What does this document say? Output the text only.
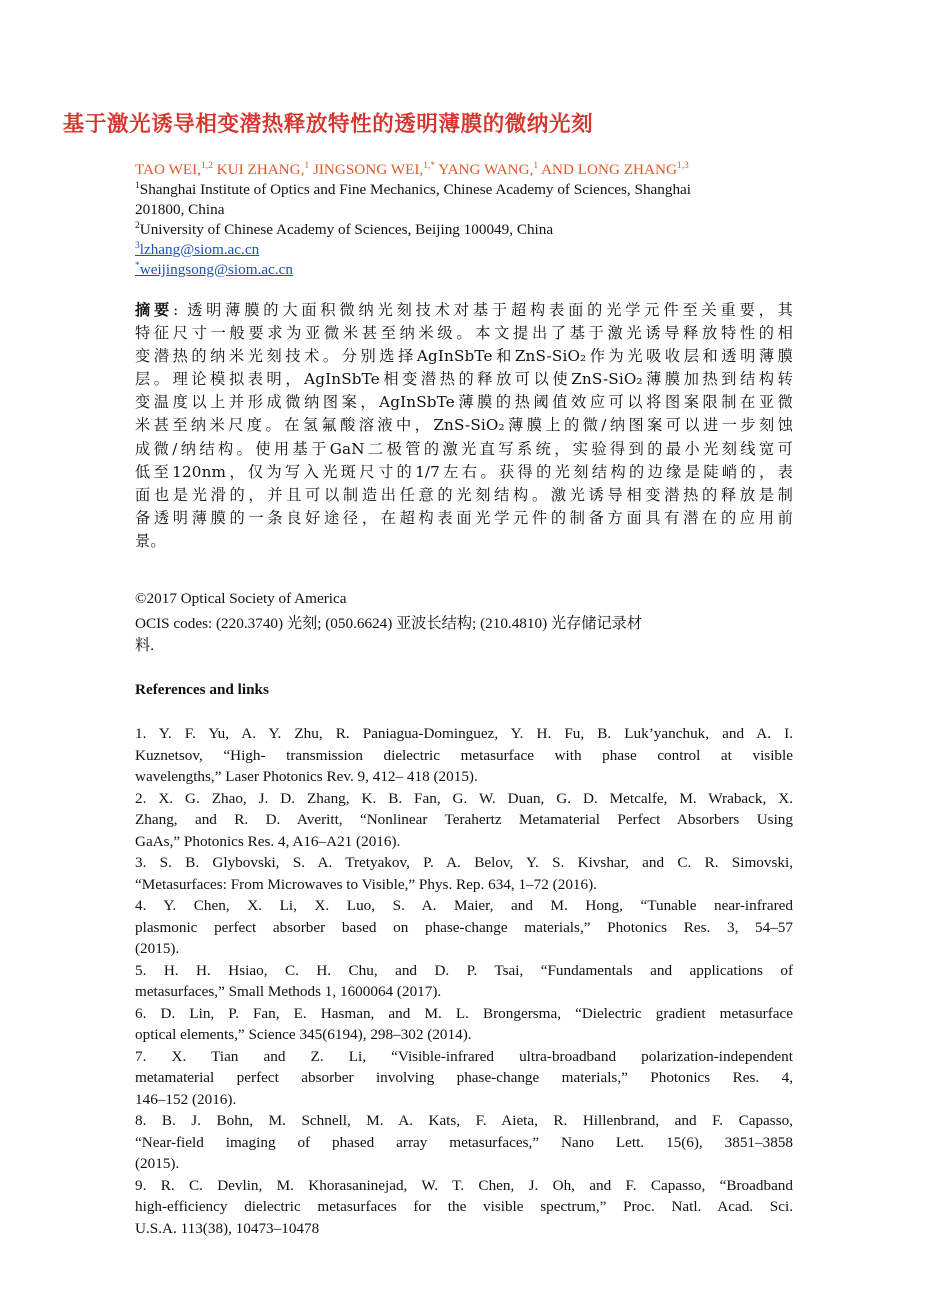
基于激光诱导相变潜热释放特性的透明薄膜的微纳光刻
TAO WEI,$^{1,2}$ KUI ZHANG,$^1$ JINGSONG WEI,$^{1,*}$ YANG WANG,$^1$ AND LONG ZHANG$^{1,3}$
$^1$Shanghai Institute of Optics and Fine Mechanics, Chinese Academy of Sciences, Shanghai
201800, China
$^2$University of Chinese Academy of Sciences, Beijing 100049, China
$^3$lzhang@siom.ac.cn
*weijingsong@siom.ac.cn
摘要: 透明薄膜的大面积微纳光刻技术对基于超构表面的光学元件至关重要，其
特征尺寸一般要求为亚微米甚至纳米级。本文提出了基于激光诱导释放特性的相
变潜热的纳米光刻技术。分别选择AgInSbTe和ZnS-SiO₂作为光吸收层和透明薄膜
层。理论模拟表明，AgInSbTe相变潜热的释放可以使ZnS-SiO₂薄膜加热到结构转
变温度以上并形成微纳图案，AgInSbTe薄膜的热阈值效应可以将图案限制在亚微
米甚至纳米尺度。在氢氟酸溶液中，ZnS-SiO₂薄膜上的微/纳图案可以进一步刻蚀
成微/纳结构。使用基于GaN二极管的激光直写系统，实验得到的最小光刻线宽可
低至120nm，仅为写入光斑尺寸的1/7左右。获得的光刻结构的边缘是陡峭的，表
面也是光滑的，并且可以制造出任意的光刻结构。激光诱导相变潜热的释放是制
备透明薄膜的一条良好途径，在超构表面光学元件的制备方面具有潜在的应用前
景。
©2017 Optical Society of America
OCIS codes: (220.3740) 光刻; (050.6624) 亚波长结构; (210.4810) 光存储记录材
料.
References and links
1. Y. F. Yu, A. Y. Zhu, R. Paniagua-Dominguez, Y. H. Fu, B. Luk’yanchuk, and A. I.
Kuznetsov, “High- transmission dielectric metasurface with phase control at visible
wavelengths,” Laser Photonics Rev. 9, 412– 418 (2015).
2. X. G. Zhao, J. D. Zhang, K. B. Fan, G. W. Duan, G. D. Metcalfe, M. Wraback, X.
Zhang, and R. D. Averitt, “Nonlinear Terahertz Metamaterial Perfect Absorbers Using
GaAs,” Photonics Res. 4, A16–A21 (2016).
3. S. B. Glybovski, S. A. Tretyakov, P. A. Belov, Y. S. Kivshar, and C. R. Simovski,
“Metasurfaces: From Microwaves to Visible,” Phys. Rep. 634, 1–72 (2016).
4. Y. Chen, X. Li, X. Luo, S. A. Maier, and M. Hong, “Tunable near-infrared
plasmonic perfect absorber based on phase-change materials,” Photonics Res. 3, 54–57
(2015).
5. H. H. Hsiao, C. H. Chu, and D. P. Tsai, “Fundamentals and applications of
metasurfaces,” Small Methods 1, 1600064 (2017).
6. D. Lin, P. Fan, E. Hasman, and M. L. Brongersma, “Dielectric gradient metasurface
optical elements,” Science 345(6194), 298–302 (2014).
7. X. Tian and Z. Li, “Visible-infrared ultra-broadband polarization-independent
metamaterial perfect absorber involving phase-change materials,” Photonics Res. 4,
146–152 (2016).
8. B. J. Bohn, M. Schnell, M. A. Kats, F. Aieta, R. Hillenbrand, and F. Capasso,
“Near-field imaging of phased array metasurfaces,” Nano Lett. 15(6), 3851–3858
(2015).
9. R. C. Devlin, M. Khorasaninejad, W. T. Chen, J. Oh, and F. Capasso, “Broadband
high-efficiency dielectric metasurfaces for the visible spectrum,” Proc. Natl. Acad. Sci.
U.S.A. 113(38), 10473–10478
